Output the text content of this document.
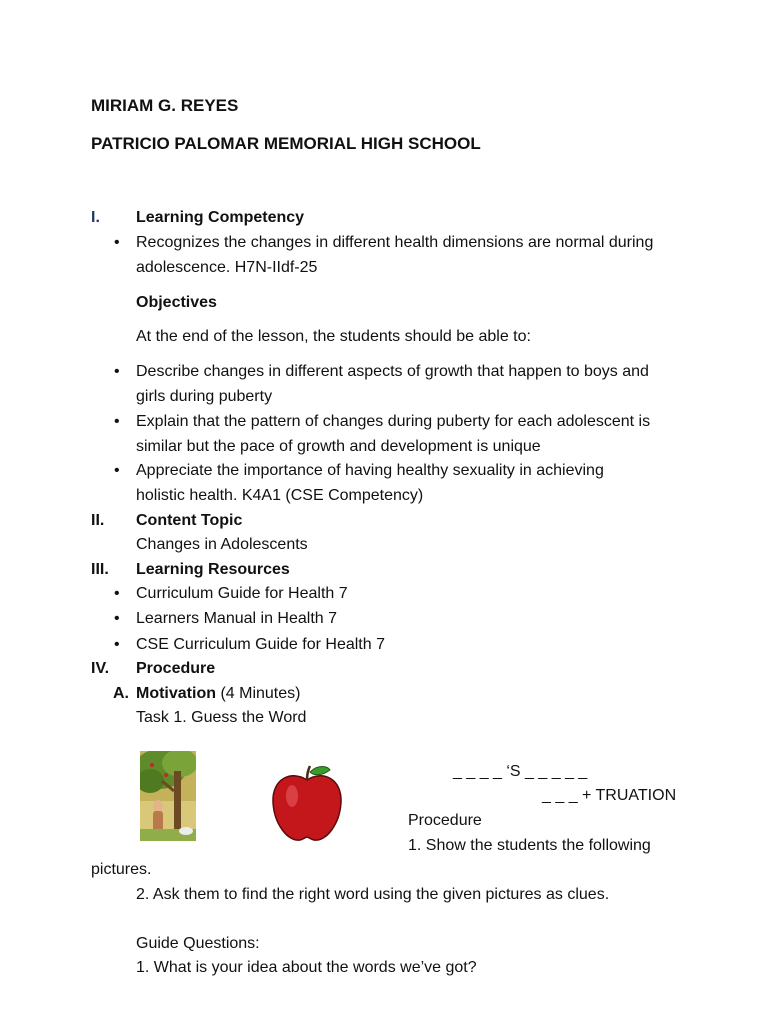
MIRIAM G. REYES
PATRICIO PALOMAR MEMORIAL HIGH SCHOOL
I. Learning Competency
• Recognizes the changes in different health dimensions are normal during
adolescence. H7N-IIdf-25
Objectives
At the end of the lesson, the students should be able to:
• Describe changes in different aspects of growth that happen to boys and
girls during puberty
• Explain that the pattern of changes during puberty for each adolescent is
similar but the pace of growth and development is unique
• Appreciate the importance of having healthy sexuality in achieving
holistic health. K4A1 (CSE Competency)
II. Content Topic
Changes in Adolescents
III. Learning Resources
• Curriculum Guide for Health 7
• Learners Manual in Health 7
• CSE Curriculum Guide for Health 7
IV. Procedure
A. Motivation (4 Minutes)
Task 1. Guess the Word
_ _ _ _ ‘S _ _ _ _ _
_ _ _ + TRUATION
Procedure
1. Show the students the following
pictures.
2. Ask them to find the right word using the given pictures as clues.
Guide Questions:
1. What is your idea about the words we’ve got?
